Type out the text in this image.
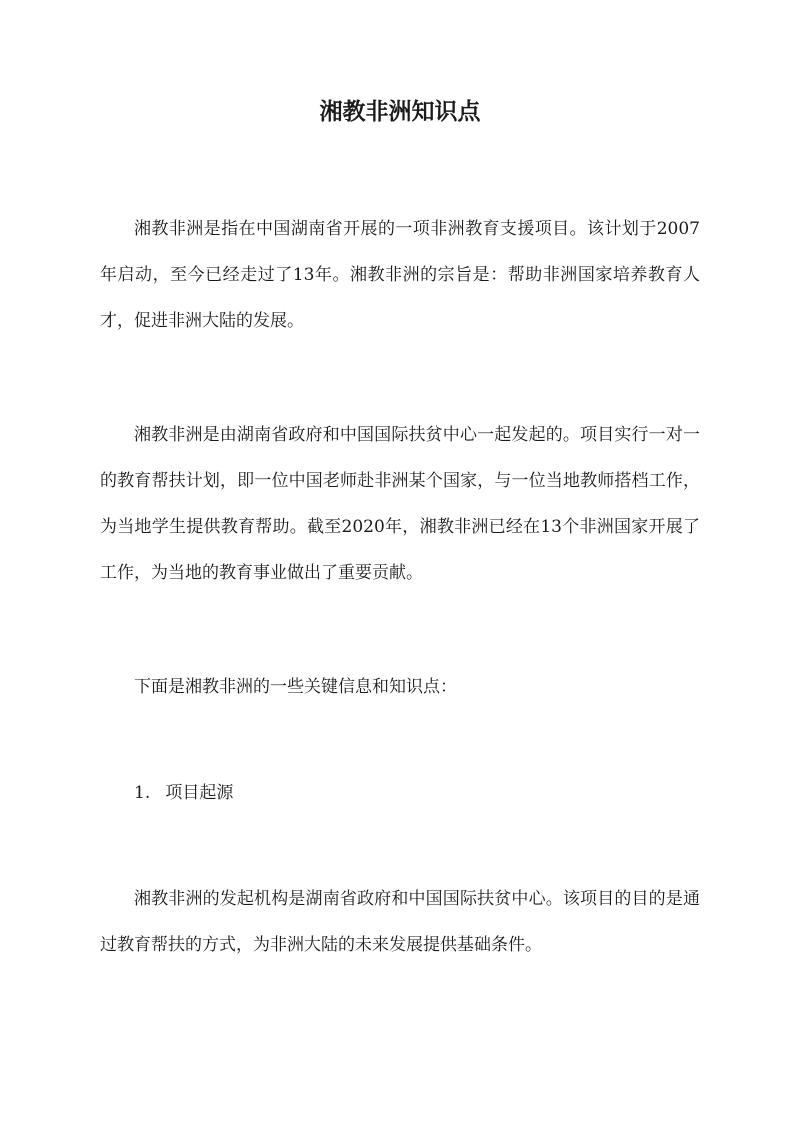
湘教非洲知识点

湘教非洲是指在中国湖南省开展的一项非洲教育支援项目。该计划于2007年启动，至今已经走过了13年。湘教非洲的宗旨是：帮助非洲国家培养教育人才，促进非洲大陆的发展。

湘教非洲是由湖南省政府和中国国际扶贫中心一起发起的。项目实行一对一的教育帮扶计划，即一位中国老师赴非洲某个国家，与一位当地教师搭档工作，为当地学生提供教育帮助。截至2020年，湘教非洲已经在13个非洲国家开展了工作，为当地的教育事业做出了重要贡献。

下面是湘教非洲的一些关键信息和知识点：

1. 项目起源

湘教非洲的发起机构是湖南省政府和中国国际扶贫中心。该项目的目的是通过教育帮扶的方式，为非洲大陆的未来发展提供基础条件。
